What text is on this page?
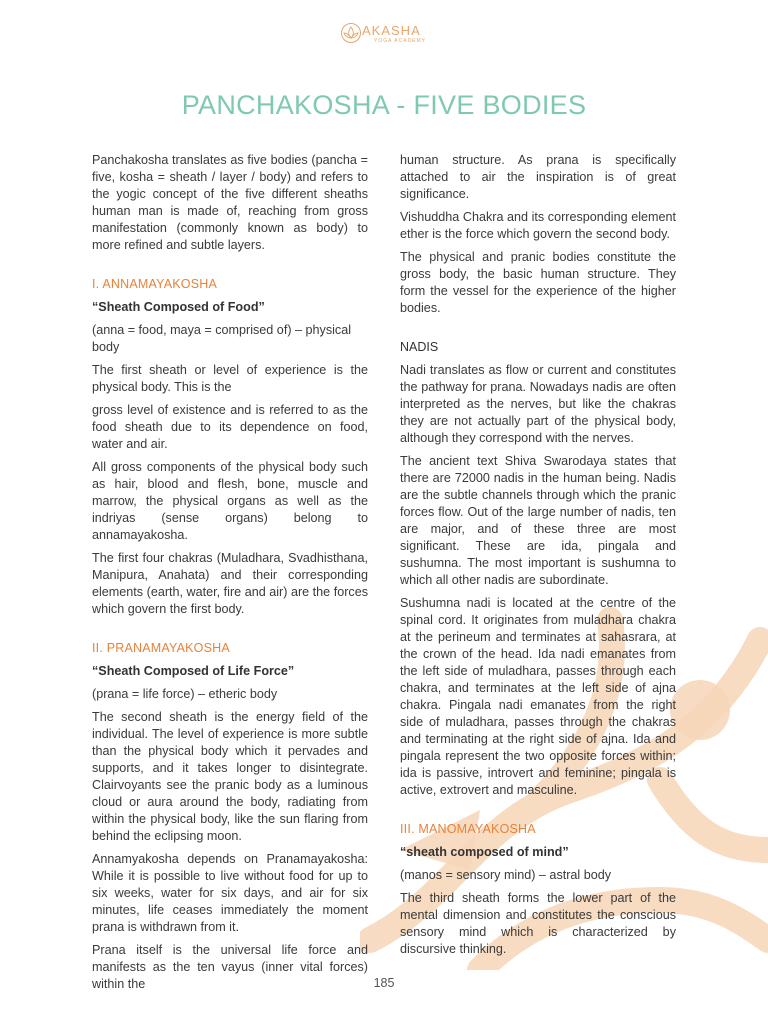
AKASHA
YOGA ACADEMY
PANCHAKOSHA - FIVE BODIES

Panchakosha translates as five bodies (pancha = five, kosha = sheath / layer / body) and refers to the yogic concept of the five different sheaths human man is made of, reaching from gross manifestation (commonly known as body) to more refined and subtle layers.

I. ANNAMAYAKOSHA

“Sheath Composed of Food”

(anna = food, maya = comprised of) – physical body

The first sheath or level of experience is the physical body. This is the

gross level of existence and is referred to as the food sheath due to its dependence on food, water and air.

All gross components of the physical body such as hair, blood and flesh, bone, muscle and marrow, the physical organs as well as the indriyas (sense organs) belong to annamayakosha.

The first four chakras (Muladhara, Svadhisthana, Manipura, Anahata) and their corresponding elements (earth, water, fire and air) are the forces which govern the first body.

II. PRANAMAYAKOSHA

“Sheath Composed of Life Force”

(prana = life force) – etheric body

The second sheath is the energy field of the individual. The level of experience is more subtle than the physical body which it pervades and supports, and it takes longer to disintegrate. Clairvoyants see the pranic body as a luminous cloud or aura around the body, radiating from within the physical body, like the sun flaring from behind the eclipsing moon.

Annamyakosha depends on Pranamayakosha: While it is possible to live without food for up to six weeks, water for six days, and air for six minutes, life ceases immediately the moment prana is withdrawn from it.

Prana itself is the universal life force and manifests as the ten vayus (inner vital forces) within the

human structure. As prana is specifically attached to air the inspiration is of great significance.

Vishuddha Chakra and its corresponding element ether is the force which govern the second body.

The physical and pranic bodies constitute the gross body, the basic human structure. They form the vessel for the experience of the higher bodies.

NADIS

Nadi translates as flow or current and constitutes the pathway for prana. Nowadays nadis are often interpreted as the nerves, but like the chakras they are not actually part of the physical body, although they correspond with the nerves.

The ancient text Shiva Swarodaya states that there are 72000 nadis in the human being. Nadis are the subtle channels through which the pranic forces flow. Out of the large number of nadis, ten are major, and of these three are most significant. These are ida, pingala and sushumna. The most important is sushumna to which all other nadis are subordinate.

Sushumna nadi is located at the centre of the spinal cord. It originates from muladhara chakra at the perineum and terminates at sahasrara, at the crown of the head. Ida nadi emanates from the left side of muladhara, passes through each chakra, and terminates at the left side of ajna chakra. Pingala nadi emanates from the right side of muladhara, passes through the chakras and terminating at the right side of ajna. Ida and pingala represent the two opposite forces within; ida is passive, introvert and feminine; pingala is active, extrovert and masculine.

III. MANOMAYAKOSHA

“sheath composed of mind”

(manos = sensory mind) – astral body

The third sheath forms the lower part of the mental dimension and constitutes the conscious sensory mind which is characterized by discursive thinking.

185
